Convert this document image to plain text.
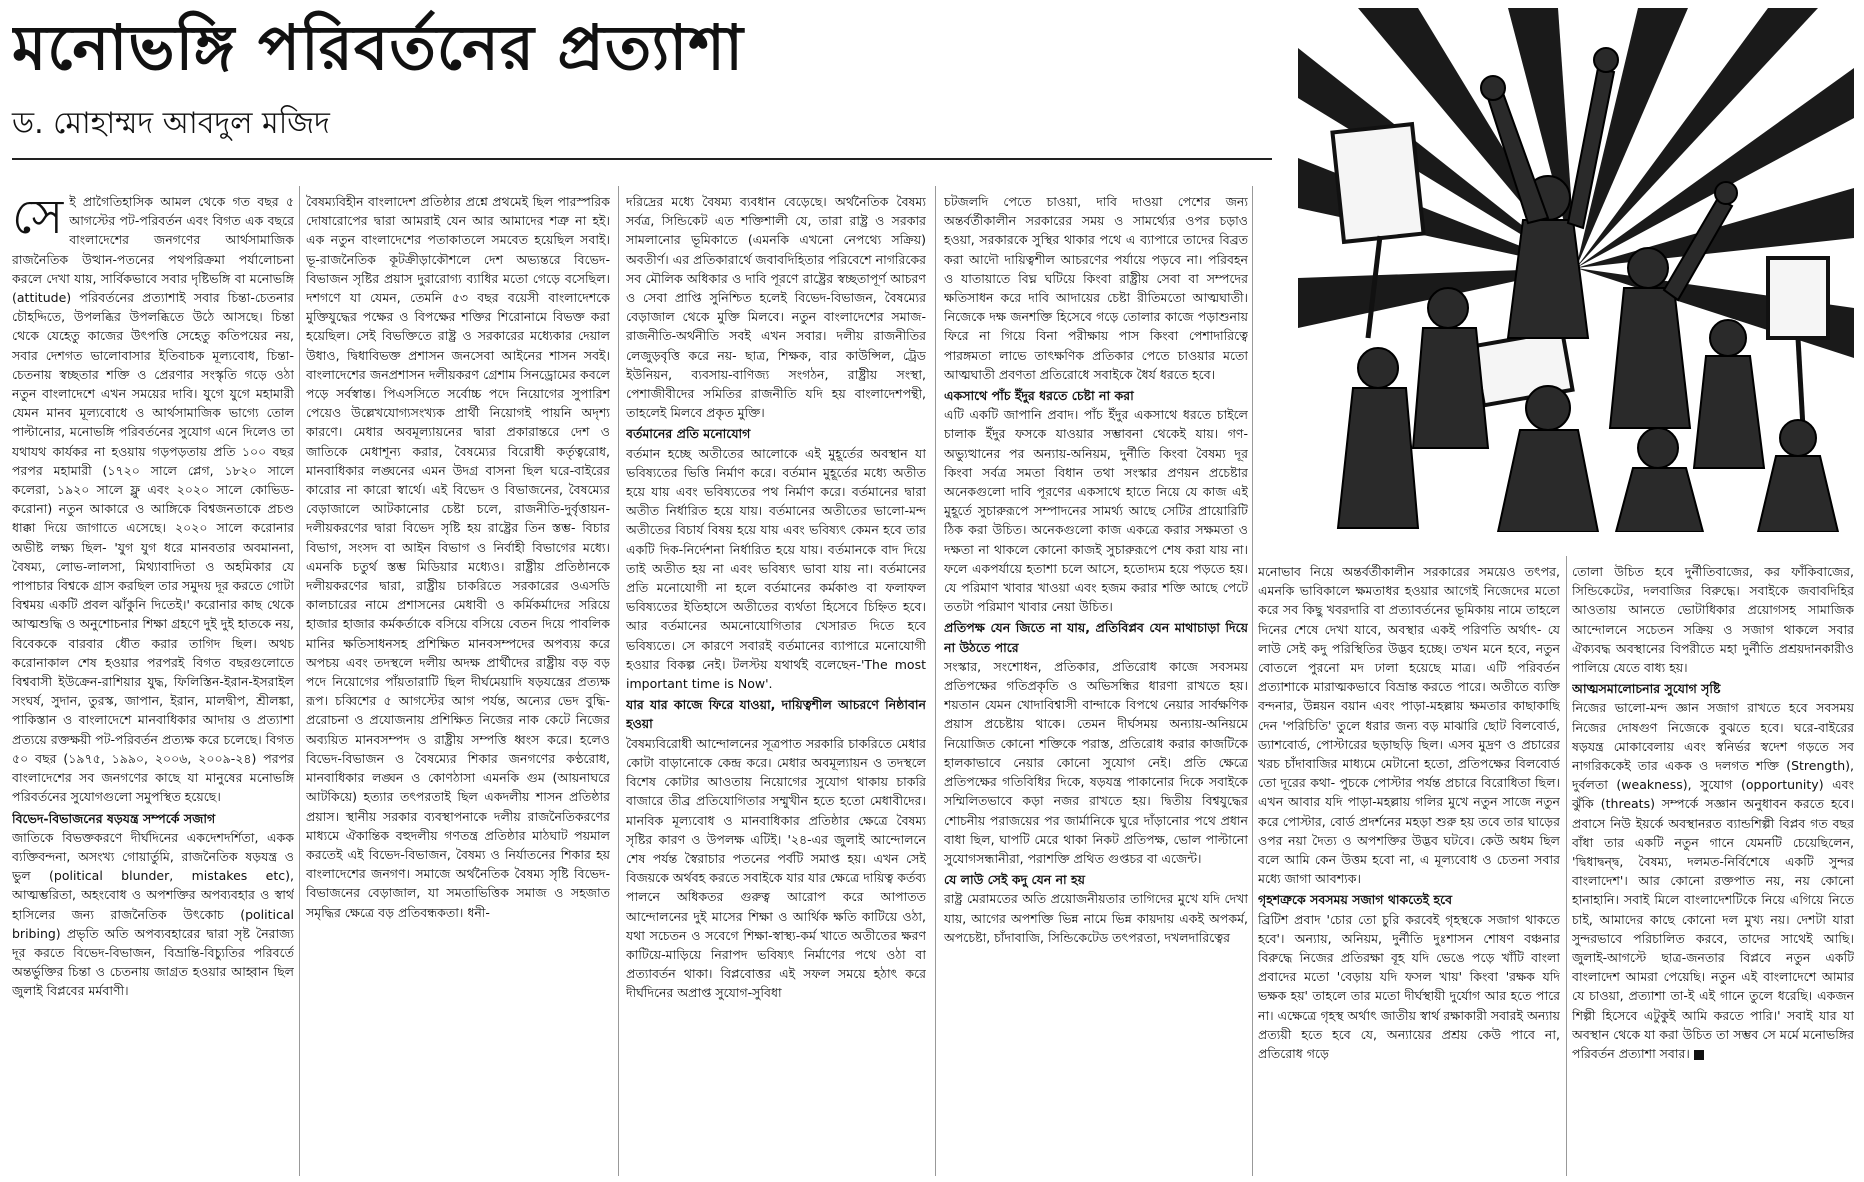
মনোভঙ্গি পরিবর্তনের প্রত্যাশা
ড. মোহাম্মদ আবদুল মজিদ
সে ই প্রাগৈতিহাসিক আমল থেকে গত বছর ৫ আগস্টের পট-পরিবর্তন এবং বিগত এক বছরে বাংলাদেশের জনগণের আর্থসামাজিক রাজনৈতিক উত্থান-পতনের পথপরিক্রমা পর্যালোচনা করলে দেখা যায়, সার্বিকভাবে সবার দৃষ্টিভঙ্গি বা মনোভঙ্গি (attitude) পরিবর্তনের প্রত্যাশাই সবার চিন্তা-চেতনার চৌহদ্দিতে, উপলব্ধির উপলব্ধিতে উঠে আসছে। চিন্তা থেকে যেহেতু কাজের উৎপত্তি সেহেতু কতিপয়ের নয়, সবার দেশগত ভালোবাসার ইতিবাচক মূল্যবোধ, চিন্তা-চেতনায় স্বচ্ছতার শক্তি ও প্রেরণার সংস্কৃতি গড়ে ওঠা নতুন বাংলাদেশে এখন সময়ের দাবি। যুগে যুগে মহামারী যেমন মানব মূল্যবোধে ও আর্থসামাজিক ভাগ্যে তোল পাল্টানোর, মনোভঙ্গি পরিবর্তনের সুযোগ এনে দিলেও তা যথাযথ কার্যকর না হওয়ায় গড়পড়তায় প্রতি ১০০ বছর পরপর মহামারী (১৭২০ সালে প্লেগ, ১৮২০ সালে কলেরা, ১৯২০ সালে ফ্লু এবং ২০২০ সালে কোভিড-করোনা) নতুন আকারে ও আঙ্গিকে বিশ্বজনতাকে প্রচণ্ড ধাক্কা দিয়ে জাগাতে এসেছে। ২০২০ সালে করোনার অভীষ্ট লক্ষ্য ছিল- 'যুগ যুগ ধরে মানবতার অবমাননা, বৈষম্য, লোভ-লালসা, মিথ্যাবাদিতা ও অহমিকার যে পাপাচার বিশ্বকে গ্রাস করছিল তার সমুদয় দূর করতে গোটা বিশ্বময় একটি প্রবল ঝাঁকুনি দিতেই।' করোনার কাছ থেকে আত্মশুদ্ধি ও অনুশোচনার শিক্ষা গ্রহণে দুই দুই হাতকে নয়, বিবেককে বারবার ধৌত করার তাগিদ ছিল। অথচ করোনাকাল শেষ হওয়ার পরপরই বিগত বছরগুলোতে বিশ্ববাসী ইউক্রেন-রাশিয়ার যুদ্ধ, ফিলিস্তিন-ইরান-ইসরাইল সংঘর্ষ, সুদান, তুরস্ক, জাপান, ইরান, মালদ্বীপ, শ্রীলঙ্কা, পাকিস্তান ও বাংলাদেশে মানবাধিকার আদায় ও প্রত্যাশা প্রত্যয়ে রক্তক্ষয়ী পট-পরিবর্তন প্রত্যক্ষ করে চলেছে। বিগত ৫০ বছর (১৯৭৫, ১৯৯০, ২০০৬, ২০০৯-২৪) পরপর বাংলাদেশের সব জনগণের কাছে যা মানুষের মনোভঙ্গি পরিবর্তনের সুযোগগুলো সমুপস্থিত হয়েছে।

বিভেদ-বিভাজনের ষড়যন্ত্র সম্পর্কে সজাগ

জাতিকে বিভক্তকরণে দীর্ঘদিনের একদেশদর্শিতা, একক ব্যক্তিবন্দনা, অসংখ্য গোয়ার্তুমি, রাজনৈতিক ষড়যন্ত্র ও ভুল (political blunder, mistakes etc), আত্মম্ভরিতা, অহংবোধ ও অপশক্তির অপব্যবহার ও স্বার্থ হাসিলের জন্য রাজনৈতিক উৎকোচ (political bribing) প্রভৃতি অতি অপব্যবহারের দ্বারা সৃষ্ট নৈরাজ্য দূর করতে বিভেদ-বিভাজন, বিভ্রান্তি-বিচ্যুতির পরিবর্তে অন্তর্ভুক্তির চিন্তা ও চেতনায় জাগ্রত হওয়ার আহ্বান ছিল জুলাই বিপ্লবের মর্মবাণী।

বৈষম্যবিহীন বাংলাদেশ প্রতিষ্ঠার প্রশ্নে প্রথমেই ছিল পারস্পরিক দোষারোপের দ্বারা আমরাই যেন আর আমাদের শত্রু না হই। এক নতুন বাংলাদেশের পতাকাতলে সমবেত হয়েছিল সবাই। ভূ-রাজনৈতিক কূটক্রীড়াকৌশলে দেশ অভ্যন্তরে বিভেদ-বিভাজন সৃষ্টির প্রয়াস দুরারোগ্য ব্যাধির মতো গেড়ে বসেছিল। দশগণে যা যেমন, তেমনি ৫৩ বছর বয়েসী বাংলাদেশকে মুক্তিযুদ্ধের পক্ষের ও বিপক্ষের শক্তির শিরোনামে বিভক্ত করা হয়েছিল। সেই বিভক্তিতে রাষ্ট্র ও সরকারের মধ্যেকার দেয়াল উধাও, দ্বিধাবিভক্ত প্রশাসন জনসেবা আইনের শাসন সবই। বাংলাদেশের জনপ্রশাসন দলীয়করণ গ্রেশাম সিনড্রোমের কবলে পড়ে সর্বস্বান্ত। পিএসসিতে সর্বোচ্চ পদে নিয়োগের সুপারিশ পেয়েও উল্লেখযোগ্যসংখ্যক প্রার্থী নিয়োগই পায়নি অদৃশ্য কারণে। মেধার অবমূল্যায়নের দ্বারা প্রকারান্তরে দেশ ও জাতিকে মেধাশূন্য করার, বৈষম্যের বিরোধী কর্তৃত্বরোধ, মানবাধিকার লঙ্ঘনের এমন উদগ্র বাসনা ছিল ঘরে-বাইরের কারোর না কারো স্বার্থে। এই বিভেদ ও বিভাজনের, বৈষম্যের বেড়াজালে আটকানোর চেষ্টা চলে, রাজনীতি-দুর্বৃত্তায়ন-দলীয়করণের দ্বারা বিভেদ সৃষ্টি হয় রাষ্ট্রের তিন স্তম্ভ- বিচার বিভাগ, সংসদ বা আইন বিভাগ ও নির্বাহী বিভাগের মধ্যে। এমনকি চতুর্থ স্তম্ভ মিডিয়ার মধ্যেও। রাষ্ট্রীয় প্রতিষ্ঠানকে দলীয়করণের দ্বারা, রাষ্ট্রীয় চাকরিতে সরকারের ওএসডি কালচারের নামে প্রশাসনের মেধাবী ও কর্মিকর্মাদের সরিয়ে হাজার হাজার কর্মকর্তাকে বসিয়ে বসিয়ে বেতন দিয়ে পাবলিক মানির ক্ষতিসাধনসহ প্রশিক্ষিত মানবসম্পদের অপব্যয় করে অপচয় এবং তদস্থলে দলীয় অদক্ষ প্রার্থীদের রাষ্ট্রীয় বড় বড় পদে নিয়োগের পাঁয়তারাটি ছিল দীর্ঘমেয়াদি ষড়যন্ত্রের প্রত্যক্ষ রূপ। চব্বিশের ৫ আগস্টের আগ পর্যন্ত, অন্যের ভেদ বুদ্ধি-প্ররোচনা ও প্রযোজনায় প্রশিক্ষিত নিজের নাক কেটে নিজের অব্যয়িত মানবসম্পদ ও রাষ্ট্রীয় সম্পত্তি ধ্বংস করে। হলেও বিভেদ-বিভাজন ও বৈষম্যের শিকার জনগণের কণ্ঠরোধ, মানবাধিকার লঙ্ঘন ও কোণঠাসা এমনকি গুম (আয়নাঘরে আটকিয়ে) হত্যার তৎপরতাই ছিল একদলীয় শাসন প্রতিষ্ঠার প্রয়াস। স্থানীয় সরকার ব্যবস্থাপনাকে দলীয় রাজনৈতিকরণের মাধ্যমে ঐকান্তিক বহুদলীয় গণতন্ত্র প্রতিষ্ঠার মাঠঘাট পয়মাল করতেই এই বিভেদ-বিভাজন, বৈষম্য ও নির্যাতনের শিকার হয় বাংলাদেশের জনগণ। সমাজে অর্থনৈতিক বৈষম্য সৃষ্টি বিভেদ-বিভাজনের বেড়াজাল, যা সমতাভিত্তিক সমাজ ও সহজাত সমৃদ্ধির ক্ষেত্রে বড় প্রতিবন্ধকতা। ধনী-

দরিদ্রের মধ্যে বৈষম্য ব্যবধান বেড়েছে। অর্থনৈতিক বৈষম্য সর্বত্র, সিন্ডিকেট এত শক্তিশালী যে, তারা রাষ্ট্র ও সরকার সামলানোর ভূমিকাতে (এমনকি এখনো নেপথ্যে সক্রিয়) অবতীর্ণ। এর প্রতিকারার্থে জবাবদিহিতার পরিবেশে নাগরিকের সব মৌলিক অধিকার ও দাবি পূরণে রাষ্ট্রের স্বচ্ছতাপূর্ণ আচরণ ও সেবা প্রাপ্তি সুনিশ্চিত হলেই বিভেদ-বিভাজন, বৈষম্যের বেড়াজাল থেকে মুক্তি মিলবে। নতুন বাংলাদেশের সমাজ-রাজনীতি-অর্থনীতি সবই এখন সবার। দলীয় রাজনীতির লেজুড়বৃত্তি করে নয়- ছাত্র, শিক্ষক, বার কাউন্সিল, ট্রেড ইউনিয়ন, ব্যবসায়-বাণিজ্য সংগঠন, রাষ্ট্রীয় সংস্থা, পেশাজীবীদের সমিতির রাজনীতি যদি হয় বাংলাদেশপন্থী, তাহলেই মিলবে প্রকৃত মুক্তি।

বর্তমানের প্রতি মনোযোগ

বর্তমান হচ্ছে অতীতের আলোকে এই মুহূর্তের অবস্থান যা ভবিষ্যতের ভিত্তি নির্মাণ করে। বর্তমান মুহূর্তের মধ্যে অতীত হয়ে যায় এবং ভবিষ্যতের পথ নির্মাণ করে। বর্তমানের দ্বারা অতীত নির্ধারিত হয়ে যায়। বর্তমানের অতীতের ভালো-মন্দ অতীতের বিচার্য বিষয় হয়ে যায় এবং ভবিষ্যৎ কেমন হবে তার একটি দিক-নির্দেশনা নির্ধারিত হয়ে যায়। বর্তমানকে বাদ দিয়ে তাই অতীত হয় না এবং ভবিষ্যৎ ভাবা যায় না। বর্তমানের প্রতি মনোযোগী না হলে বর্তমানের কর্মকাণ্ড বা ফলাফল ভবিষ্যতের ইতিহাসে অতীতের ব্যর্থতা হিসেবে চিহ্নিত হবে। আর বর্তমানের অমনোযোগিতার খেসারত দিতে হবে ভবিষ্যতে। সে কারণে সবারই বর্তমানের ব্যাপারে মনোযোগী হওয়ার বিকল্প নেই। টলস্টয় যথার্থই বলেছেন-'The most important time is Now'.

যার যার কাজে ফিরে যাওয়া, দায়িত্বশীল আচরণে নিষ্ঠাবান হওয়া

বৈষম্যবিরোধী আন্দোলনের সূত্রপাত সরকারি চাকরিতে মেধার কোটা বাড়ানোকে কেন্দ্র করে। মেধার অবমূল্যায়ন ও তদস্থলে বিশেষ কোটার আওতায় নিয়োগের সুযোগ থাকায় চাকরি বাজারে তীব্র প্রতিযোগিতার সম্মুখীন হতে হতো মেধাবীদের। মানবিক মূল্যবোধ ও মানবাধিকার প্রতিষ্ঠার ক্ষেত্রে বৈষম্য সৃষ্টির কারণ ও উপলক্ষ এটিই। '২৪-এর জুলাই আন্দোলনে শেষ পর্যন্ত স্বৈরাচার পতনের পর্বটি সমাপ্ত হয়। এখন সেই বিজয়কে অর্থবহ করতে সবাইকে যার যার ক্ষেত্রে দায়িত্ব কর্তব্য পালনে অধিকতর গুরুত্ব আরোপ করে আপাতত আন্দোলনের দুই মাসের শিক্ষা ও আর্থিক ক্ষতি কাটিয়ে ওঠা, যথা সচেতন ও সবেগে শিক্ষা-স্বাস্থ্য-কর্ম খাতে অতীতের ক্ষরণ কাটিয়ে-মাড়িয়ে নিরাপদ ভবিষ্যৎ নির্মাণের পথে ওঠা বা প্রত্যাবর্তন থাকা। বিপ্লবোত্তর এই সফল সময়ে হঠাৎ করে দীর্ঘদিনের অপ্রাপ্ত সুযোগ-সুবিধা

চটজলদি পেতে চাওয়া, দাবি দাওয়া পেশের জন্য অন্তর্বর্তীকালীন সরকারের সময় ও সামর্থ্যের ওপর চড়াও হওয়া, সরকারকে সুস্থির থাকার পথে এ ব্যাপারে তাদের বিব্রত করা আদৌ দায়িত্বশীল আচরণের পর্যায়ে পড়বে না। পরিবহন ও যাতায়াতে বিঘ্ন ঘটিয়ে কিংবা রাষ্ট্রীয় সেবা বা সম্পদের ক্ষতিসাধন করে দাবি আদায়ের চেষ্টা রীতিমতো আত্মঘাতী। নিজেকে দক্ষ জনশক্তি হিসেবে গড়ে তোলার কাজে পড়াশুনায় ফিরে না গিয়ে বিনা পরীক্ষায় পাস কিংবা পেশাদারিত্বে পারঙ্গমতা লাভে তাৎক্ষণিক প্রতিকার পেতে চাওয়ার মতো আত্মঘাতী প্রবণতা প্রতিরোধে সবাইকে ধৈর্য ধরতে হবে।

একসাথে পাঁচ ইঁদুর ধরতে চেষ্টা না করা

এটি একটি জাপানি প্রবাদ। পাঁচ ইঁদুর একসাথে ধরতে চাইলে চালাক ইঁদুর ফসকে যাওয়ার সম্ভাবনা থেকেই যায়। গণ-অভ্যুত্থানের পর অন্যায়-অনিয়ম, দুর্নীতি কিংবা বৈষম্য দূর কিংবা সর্বত্র সমতা বিধান তথা সংস্কার প্রণয়ন প্রচেষ্টার অনেকগুলো দাবি পূরণের একসাথে হাতে নিয়ে যে কাজ এই মুহূর্তে সুচারুরূপে সম্পাদনের সামর্থ্য আছে সেটির প্রায়োরিটি ঠিক করা উচিত। অনেকগুলো কাজ একত্রে করার সক্ষমতা ও দক্ষতা না থাকলে কোনো কাজই সুচারুরূপে শেষ করা যায় না। ফলে একপর্যায়ে হতাশা চলে আসে, হতোদ্যম হয়ে পড়তে হয়। যে পরিমাণ খাবার খাওয়া এবং হজম করার শক্তি আছে পেটে ততটা পরিমাণ খাবার নেয়া উচিত।

প্রতিপক্ষ যেন জিতে না যায়, প্রতিবিপ্লব যেন মাথাচাড়া দিয়ে না উঠতে পারে

সংস্কার, সংশোধন, প্রতিকার, প্রতিরোধ কাজে সবসময় প্রতিপক্ষের গতিপ্রকৃতি ও অভিসন্ধির ধারণা রাখতে হয়। শয়তান যেমন খোদাবিশ্বাসী বান্দাকে বিপথে নেয়ার সার্বক্ষণিক প্রয়াস প্রচেষ্টায় থাকে। তেমন দীর্ঘসময় অন্যায়-অনিয়মে নিয়োজিত কোনো শক্তিকে পরাস্ত, প্রতিরোধ করার কাজটিকে হালকাভাবে নেয়ার কোনো সুযোগ নেই। প্রতি ক্ষেত্রে প্রতিপক্ষের গতিবিধির দিকে, ষড়যন্ত্র পাকানোর দিকে সবাইকে সম্মিলিতভাবে কড়া নজর রাখতে হয়। দ্বিতীয় বিশ্বযুদ্ধের শোচনীয় পরাজয়ের পর জার্মানিকে ঘুরে দাঁড়ানোর পথে প্রধান বাধা ছিল, ঘাপটি মেরে থাকা নিকট প্রতিপক্ষ, ভোল পাল্টানো সুযোগসন্ধানীরা, পরাশক্তি প্রথিত গুপ্তচর বা এজেন্ট।

যে লাউ সেই কদু যেন না হয়

রাষ্ট্র মেরামতের অতি প্রয়োজনীয়তার তাগিদের মুখে যদি দেখা যায়, আগের অপশক্তি ভিন্ন নামে ভিন্ন কায়দায় একই অপকর্ম, অপচেষ্টা, চাঁদাবাজি, সিন্ডিকেটেড তৎপরতা, দখলদারিত্বের

মনোভাব নিয়ে অন্তর্বর্তীকালীন সরকারের সময়েও তৎপর, এমনকি ভাবিকালে ক্ষমতাধর হওয়ার আগেই নিজেদের মতো করে সব কিছু খবরদারি বা প্রত্যাবর্তনের ভূমিকায় নামে তাহলে দিনের শেষে দেখা যাবে, অবস্থার একই পরিণতি অর্থাৎ- যে লাউ সেই কদু পরিস্থিতির উদ্ভব হচ্ছে। তখন মনে হবে, নতুন বোতলে পুরনো মদ ঢালা হয়েছে মাত্র। এটি পরিবর্তন প্রত্যাশাকে মারাত্মকভাবে বিভ্রান্ত করতে পারে। অতীতে ব্যক্তি বন্দনার, উন্নয়ন বয়ান এবং পাড়া-মহল্লায় ক্ষমতার কাছাকাছি দেন 'পরিচিতি' তুলে ধরার জন্য বড় মাঝারি ছোট বিলবোর্ড, ড্যাশবোর্ড, পোস্টারের ছড়াছড়ি ছিল। এসব মুদ্রণ ও প্রচারের খরচ চাঁদাবাজির মাধ্যমে মেটানো হতো, প্রতিপক্ষের বিলবোর্ড তো দূরের কথা- পুচকে পোস্টার পর্যন্ত প্রচারে বিরোধিতা ছিল। এখন আবার যদি পাড়া-মহল্লায় গলির মুখে নতুন সাজে নতুন করে পোস্টার, বোর্ড প্রদর্শনের মহড়া শুরু হয় তবে তার ঘাড়ের ওপর নয়া দৈত্য ও অপশক্তির উদ্ভব ঘটবে। কেউ অধম ছিল বলে আমি কেন উত্তম হবো না, এ মূল্যবোধ ও চেতনা সবার মধ্যে জাগা আবশ্যক।

গৃহশত্রুকে সবসময় সজাগ থাকতেই হবে

ব্রিটিশ প্রবাদ 'চোর তো চুরি করবেই গৃহস্থকে সজাগ থাকতে হবে'। অন্যায়, অনিয়ম, দুর্নীতি দুঃশাসন শোষণ বঞ্চনার বিরুদ্ধে নিজের প্রতিরক্ষা বূহ যদি ভেঙে পড়ে খাঁটি বাংলা প্রবাদের মতো 'বেড়ায় যদি ফসল খায়' কিংবা 'রক্ষক যদি ভক্ষক হয়' তাহলে তার মতো দীর্ঘস্থায়ী দুর্যোগ আর হতে পারে না। এক্ষেত্রে গৃহস্থ অর্থাৎ জাতীয় স্বার্থ রক্ষাকারী সবারই অন্যায় প্রত্যয়ী হতে হবে যে, অন্যায়ের প্রশ্রয় কেউ পাবে না, প্রতিরোধ গড়ে

তোলা উচিত হবে দুর্নীতিবাজের, কর ফাঁকিবাজের, সিন্ডিকেটের, দলবাজির বিরুদ্ধে। সবাইকে জবাবদিহির আওতায় আনতে ভোটাধিকার প্রয়োগসহ সামাজিক আন্দোলনে সচেতন সক্রিয় ও সজাগ থাকলে সবার ঐক্যবদ্ধ অবস্থানের বিপরীতে মহা দুর্নীতি প্রশ্রয়দানকারীও পালিয়ে যেতে বাধ্য হয়।

আত্মসমালোচনার সুযোগ সৃষ্টি

নিজের ভালো-মন্দ জ্ঞান সজাগ রাখতে হবে সবসময় নিজের দোষগুণ নিজেকে বুঝতে হবে। ঘরে-বাইরের ষড়যন্ত্র মোকাবেলায় এবং স্বনির্ভর স্বদেশ গড়তে সব নাগরিককেই তার একক ও দলগত শক্তি (Strength), দুর্বলতা (weakness), সুযোগ (opportunity) এবং ঝুঁকি (threats) সম্পর্কে সজ্ঞান অনুধাবন করতে হবে। প্রবাসে নিউ ইয়র্কে অবস্থানরত ব্যান্ডশিল্পী বিপ্লব গত বছর বাঁধা তার একটি নতুন গানে যেমনটি চেয়েছিলেন, 'দ্বিধাদ্বন্দ্ব, বৈষম্য, দলমত-নির্বিশেষে একটি সুন্দর বাংলাদেশ'। আর কোনো রক্তপাত নয়, নয় কোনো হানাহানি। সবাই মিলে বাংলাদেশটিকে নিয়ে এগিয়ে নিতে চাই, আমাদের কাছে কোনো দল মুখ্য নয়। দেশটা যারা সুন্দরভাবে পরিচালিত করবে, তাদের সাথেই আছি। জুলাই-আগস্টে ছাত্র-জনতার বিপ্লবে নতুন একটি বাংলাদেশ আমরা পেয়েছি। নতুন এই বাংলাদেশে আমার যে চাওয়া, প্রত্যাশা তা-ই এই গানে তুলে ধরেছি। একজন শিল্পী হিসেবে এটুকুই আমি করতে পারি।' সবাই যার যা অবস্থান থেকে যা করা উচিত তা সম্ভব সে মর্মে মনোভঙ্গির পরিবর্তন প্রত্যাশা সবার।
